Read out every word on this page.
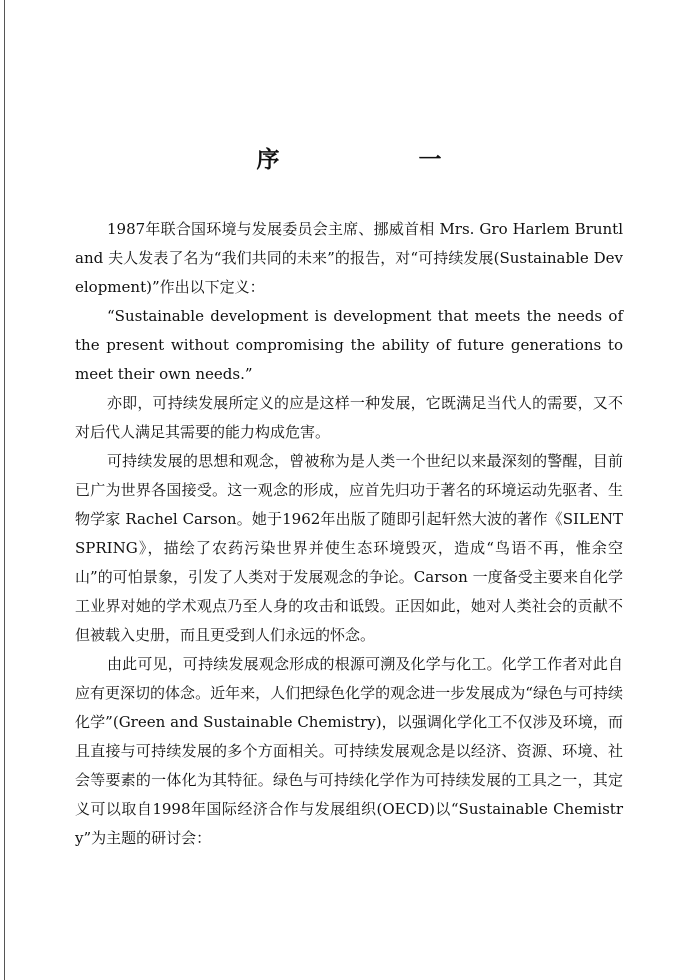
序　一

1987年联合国环境与发展委员会主席、挪威首相 Mrs. Gro Harlem Bruntland 夫人发表了名为“我们共同的未来”的报告，对“可持续发展(Sustainable Development)”作出以下定义：

“Sustainable development is development that meets the needs of the present without compromising the ability of future generations to meet their own needs.”

亦即，可持续发展所定义的应是这样一种发展，它既满足当代人的需要，又不对后代人满足其需要的能力构成危害。

可持续发展的思想和观念，曾被称为是人类一个世纪以来最深刻的警醒，目前已广为世界各国接受。这一观念的形成，应首先归功于著名的环境运动先驱者、生物学家 Rachel Carson。她于1962年出版了随即引起轩然大波的著作《SILENT SPRING》，描绘了农药污染世界并使生态环境毁灭，造成“鸟语不再，惟余空山”的可怕景象，引发了人类对于发展观念的争论。Carson 一度备受主要来自化学工业界对她的学术观点乃至人身的攻击和诋毁。正因如此，她对人类社会的贡献不但被载入史册，而且更受到人们永远的怀念。

由此可见，可持续发展观念形成的根源可溯及化学与化工。化学工作者对此自应有更深切的体念。近年来，人们把绿色化学的观念进一步发展成为“绿色与可持续化学”(Green and Sustainable Chemistry)，以强调化学化工不仅涉及环境，而且直接与可持续发展的多个方面相关。可持续发展观念是以经济、资源、环境、社会等要素的一体化为其特征。绿色与可持续化学作为可持续发展的工具之一，其定义可以取自1998年国际经济合作与发展组织(OECD)以“Sustainable Chemistry”为主题的研讨会：
